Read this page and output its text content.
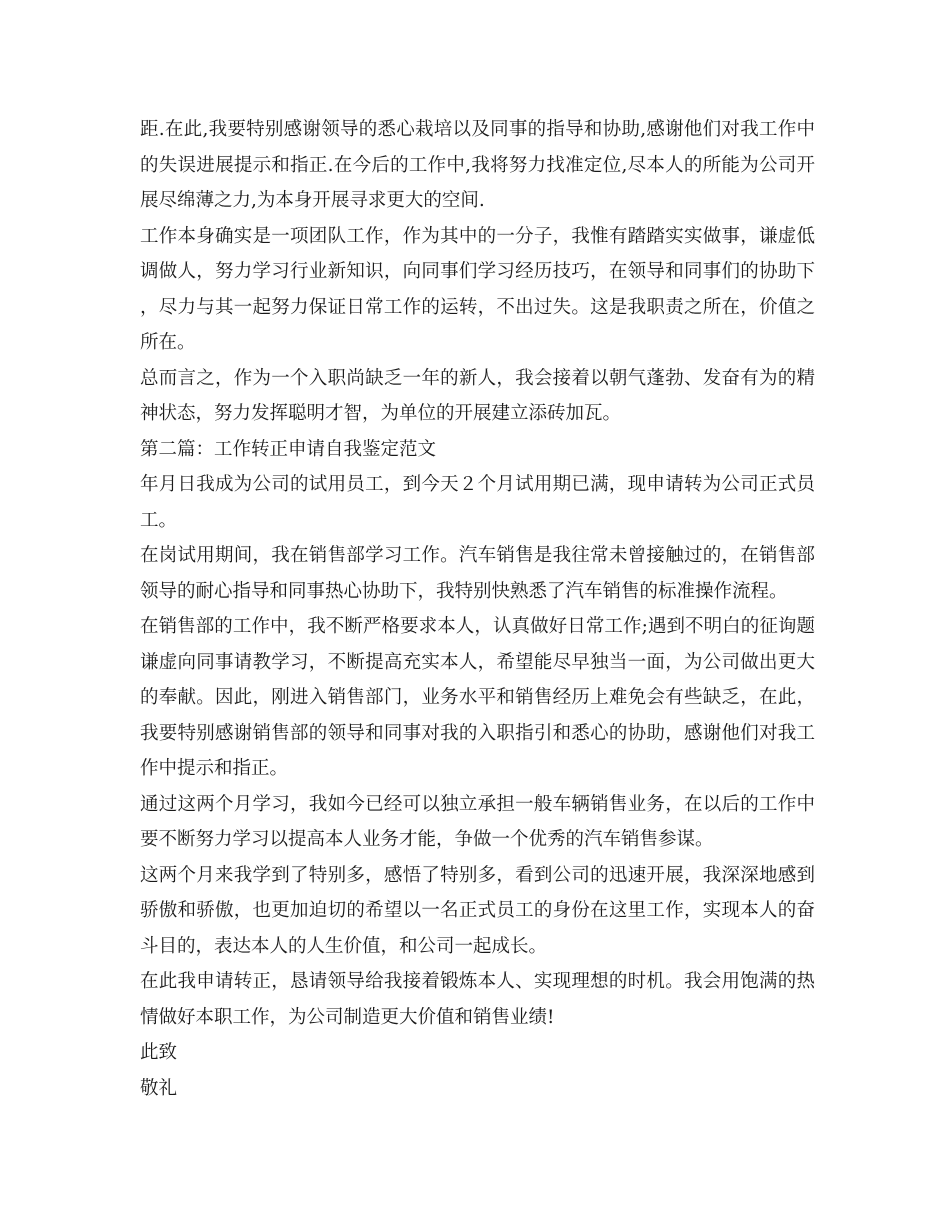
距.在此,我要特别感谢领导的悉心栽培以及同事的指导和协助,感谢他们对我工作中的失误进展提示和指正.在今后的工作中,我将努力找准定位,尽本人的所能为公司开展尽绵薄之力,为本身开展寻求更大的空间.

工作本身确实是一项团队工作，作为其中的一分子，我惟有踏踏实实做事，谦虚低调做人，努力学习行业新知识，向同事们学习经历技巧，在领导和同事们的协助下，尽力与其一起努力保证日常工作的运转，不出过失。这是我职责之所在，价值之所在。

总而言之，作为一个入职尚缺乏一年的新人，我会接着以朝气蓬勃、发奋有为的精神状态，努力发挥聪明才智，为单位的开展建立添砖加瓦。

第二篇：工作转正申请自我鉴定范文

年月日我成为公司的试用员工，到今天２个月试用期已满，现申请转为公司正式员工。

在岗试用期间，我在销售部学习工作。汽车销售是我往常未曾接触过的，在销售部领导的耐心指导和同事热心协助下，我特别快熟悉了汽车销售的标准操作流程。

在销售部的工作中，我不断严格要求本人，认真做好日常工作;遇到不明白的征询题谦虚向同事请教学习，不断提高充实本人，希望能尽早独当一面，为公司做出更大的奉献。因此，刚进入销售部门，业务水平和销售经历上难免会有些缺乏，在此，我要特别感谢销售部的领导和同事对我的入职指引和悉心的协助，感谢他们对我工作中提示和指正。

通过这两个月学习，我如今已经可以独立承担一般车辆销售业务，在以后的工作中要不断努力学习以提高本人业务才能，争做一个优秀的汽车销售参谋。

这两个月来我学到了特别多，感悟了特别多，看到公司的迅速开展，我深深地感到骄傲和骄傲，也更加迫切的希望以一名正式员工的身份在这里工作，实现本人的奋斗目的，表达本人的人生价值，和公司一起成长。

在此我申请转正，恳请领导给我接着锻炼本人、实现理想的时机。我会用饱满的热情做好本职工作，为公司制造更大价值和销售业绩!

此致

敬礼
